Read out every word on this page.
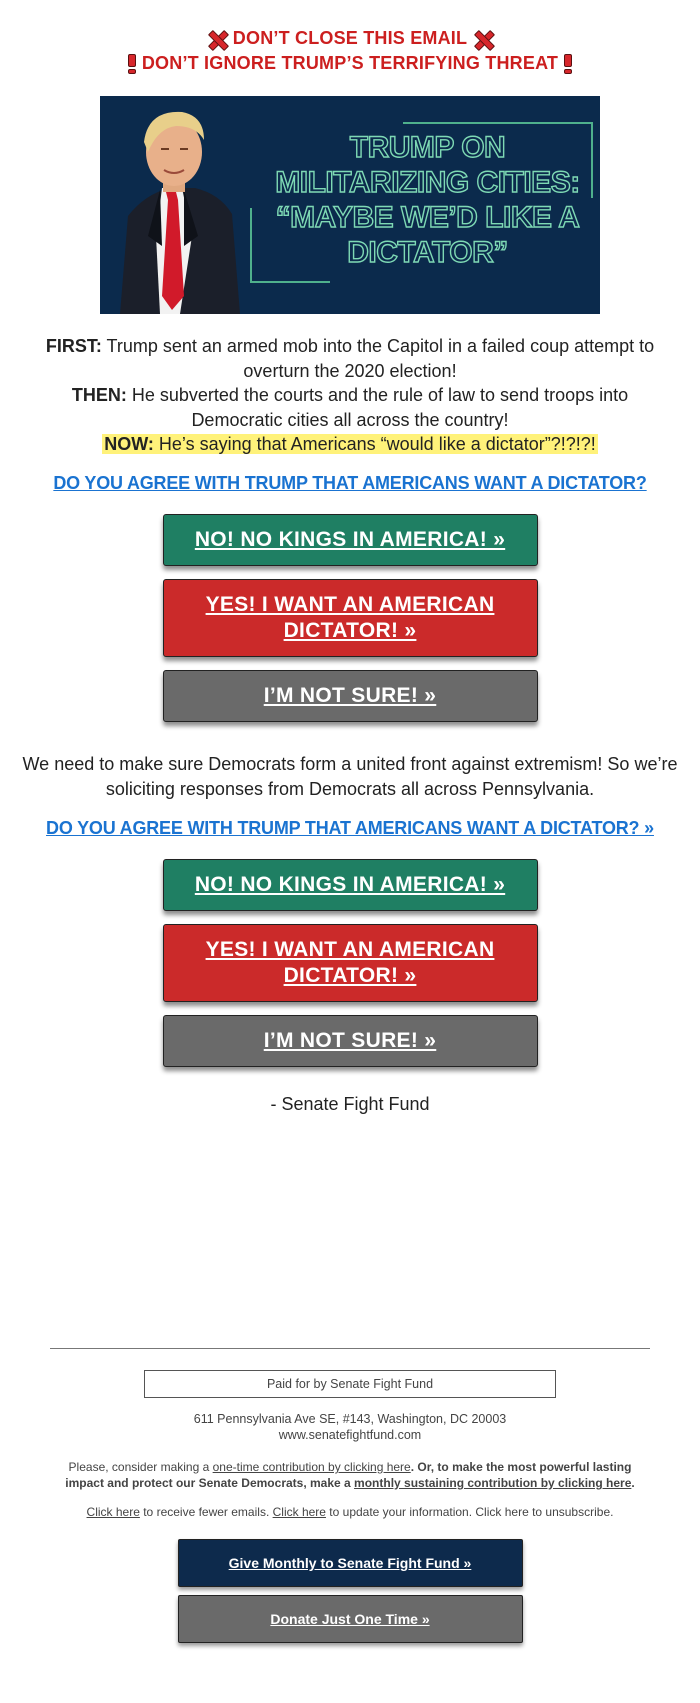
DON’T CLOSE THIS EMAIL
DON’T IGNORE TRUMP’S TERRIFYING THREAT
TRUMP ON MILITARIZING CITIES: “MAYBE WE’D LIKE A DICTATOR”
FIRST: Trump sent an armed mob into the Capitol in a failed coup attempt to overturn the 2020 election!
THEN: He subverted the courts and the rule of law to send troops into Democratic cities all across the country!
NOW: He’s saying that Americans “would like a dictator”?!?!?!
DO YOU AGREE WITH TRUMP THAT AMERICANS WANT A DICTATOR?
NO! NO KINGS IN AMERICA! »
YES! I WANT AN AMERICAN DICTATOR! »
I’M NOT SURE! »
We need to make sure Democrats form a united front against extremism! So we’re soliciting responses from Democrats all across Pennsylvania.
DO YOU AGREE WITH TRUMP THAT AMERICANS WANT A DICTATOR? »
NO! NO KINGS IN AMERICA! »
YES! I WANT AN AMERICAN DICTATOR! »
I’M NOT SURE! »
- Senate Fight Fund
Paid for by Senate Fight Fund
611 Pennsylvania Ave SE, #143, Washington, DC 20003
www.senatefightfund.com
Please, consider making a one-time contribution by clicking here. Or, to make the most powerful lasting impact and protect our Senate Democrats, make a monthly sustaining contribution by clicking here.
Click here to receive fewer emails. Click here to update your information. Click here to unsubscribe.
Give Monthly to Senate Fight Fund »
Donate Just One Time »
